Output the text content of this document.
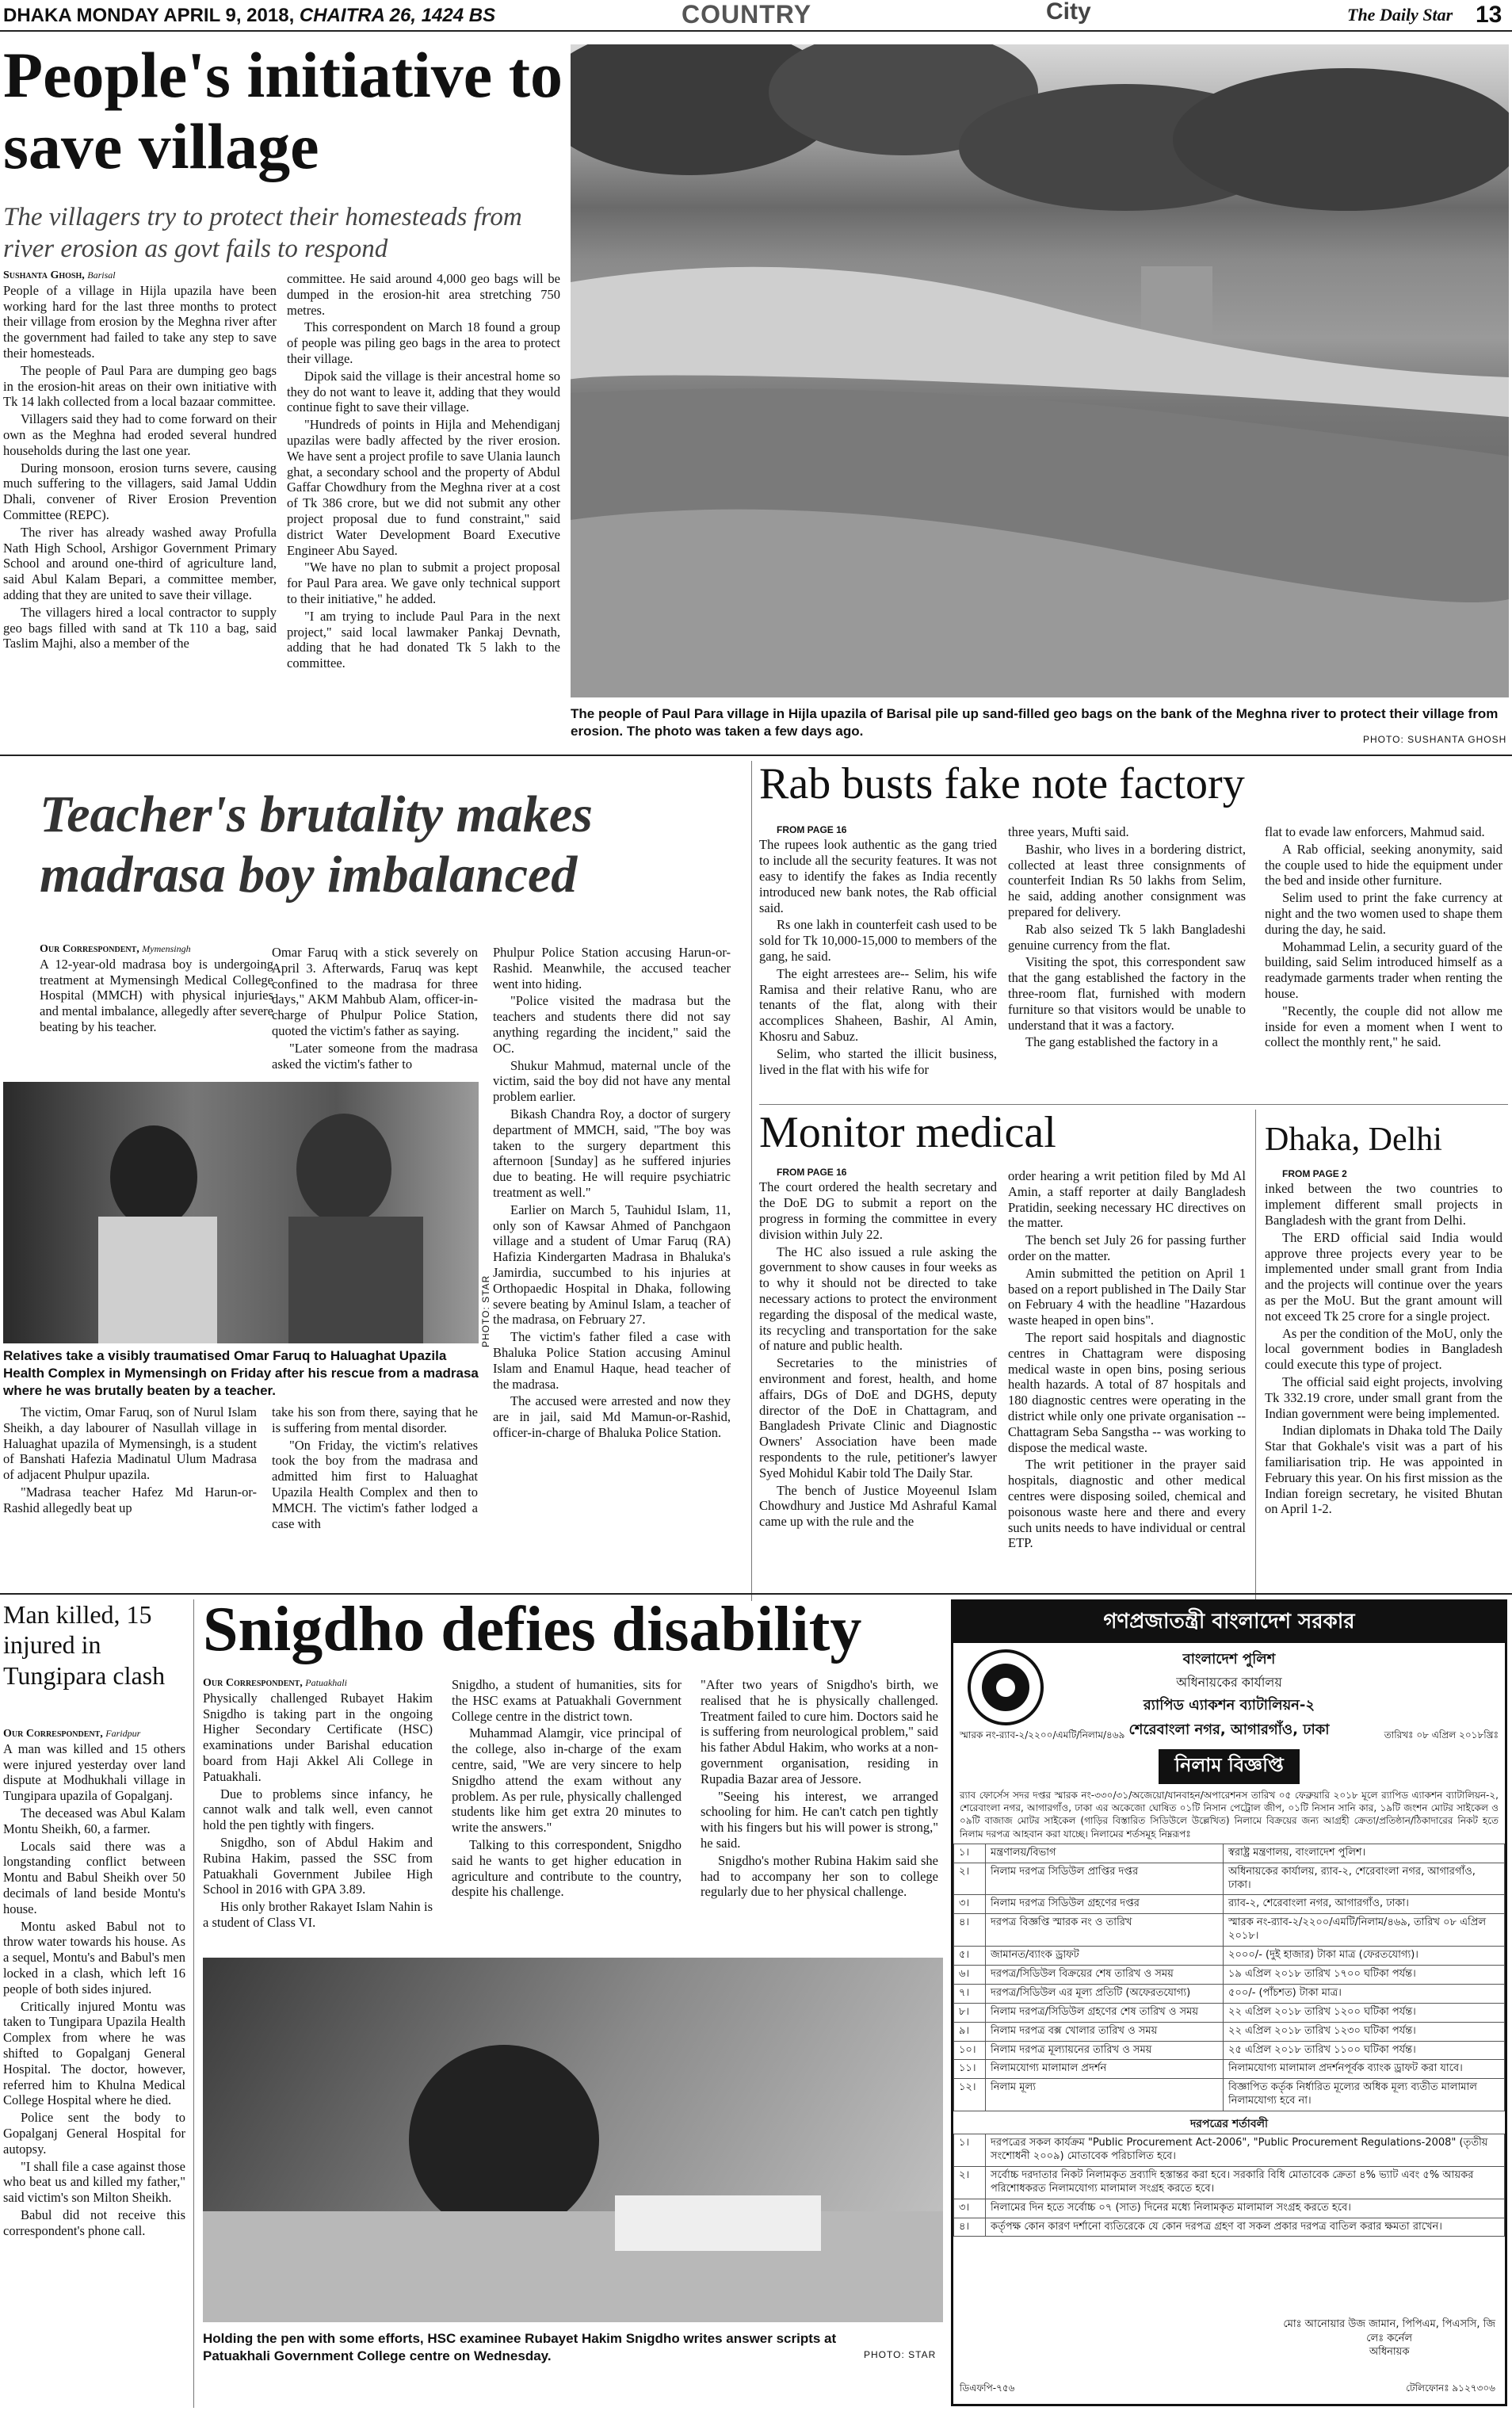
DHAKA MONDAY APRIL 9, 2018, CHAITRA 26, 1424 BS	COUNTRY	City	The Daily Star 13
People's initiative to save village
The villagers try to protect their homesteads from river erosion as govt fails to respond
Sushanta Ghosh, Barisal

People of a village in Hijla upazila have been working hard for the last three months to protect their village from erosion by the Meghna river after the government had failed to take any step to save their homesteads.

The people of Paul Para are dumping geo bags in the erosion-hit areas on their own initiative with Tk 14 lakh collected from a local bazaar committee.

Villagers said they had to come forward on their own as the Meghna had eroded several hundred households during the last one year.

During monsoon, erosion turns severe, causing much suffering to the villagers, said Jamal Uddin Dhali, convener of River Erosion Prevention Committee (REPC).

The river has already washed away Profulla Nath High School, Arshigor Government Primary School and around one-third of agriculture land, said Abul Kalam Bepari, a committee member, adding that they are united to save their village.

The villagers hired a local contractor to supply geo bags filled with sand at Tk 110 a bag, said Taslim Majhi, also a member of the

committee. He said around 4,000 geo bags will be dumped in the erosion-hit area stretching 750 metres.

This correspondent on March 18 found a group of people was piling geo bags in the area to protect their village.

Dipok said the village is their ancestral home so they do not want to leave it, adding that they would continue fight to save their village.

"Hundreds of points in Hijla and Mehendiganj upazilas were badly affected by the river erosion. We have sent a project profile to save Ulania launch ghat, a secondary school and the property of Abdul Gaffar Chowdhury from the Meghna river at a cost of Tk 386 crore, but we did not submit any other project proposal due to fund constraint," said district Water Development Board Executive Engineer Abu Sayed.

"We have no plan to submit a project proposal for Paul Para area. We gave only technical support to their initiative," he added.

"I am trying to include Paul Para in the next project," said local lawmaker Pankaj Devnath, adding that he had donated Tk 5 lakh to the committee.

The people of Paul Para village in Hijla upazila of Barisal pile up sand-filled geo bags on the bank of the Meghna river to protect their village from erosion. The photo was taken a few days ago.
PHOTO: SUSHANTA GHOSH
Teacher's brutality makes madrasa boy imbalanced
Our Correspondent, Mymensingh

A 12-year-old madrasa boy is undergoing treatment at Mymensingh Medical College Hospital (MMCH) with physical injuries and mental imbalance, allegedly after severe beating by his teacher.

Omar Faruq with a stick severely on April 3. Afterwards, Faruq was kept confined to the madrasa for three days," AKM Mahbub Alam, officer-in-charge of Phulpur Police Station, quoted the victim's father as saying.

"Later someone from the madrasa asked the victim's father to

PHOTO: STAR
Relatives take a visibly traumatised Omar Faruq to Haluaghat Upazila Health Complex in Mymensingh on Friday after his rescue from a madrasa where he was brutally beaten by a teacher.

The victim, Omar Faruq, son of Nurul Islam Sheikh, a day labourer of Nasullah village in Haluaghat upazila of Mymensingh, is a student of Banshati Hafezia Madinatul Ulum Madrasa of adjacent Phulpur upazila.

"Madrasa teacher Hafez Md Harun-or-Rashid allegedly beat up

take his son from there, saying that he is suffering from mental disorder.

"On Friday, the victim's relatives took the boy from the madrasa and admitted him first to Haluaghat Upazila Health Complex and then to MMCH. The victim's father lodged a case with

Phulpur Police Station accusing Harun-or-Rashid. Meanwhile, the accused teacher went into hiding.

"Police visited the madrasa but the teachers and students there did not say anything regarding the incident," said the OC.

Shukur Mahmud, maternal uncle of the victim, said the boy did not have any mental problem earlier.

Bikash Chandra Roy, a doctor of surgery department of MMCH, said, "The boy was taken to the surgery department this afternoon [Sunday] as he suffered injuries due to beating. He will require psychiatric treatment as well."

Earlier on March 5, Tauhidul Islam, 11, only son of Kawsar Ahmed of Panchgaon village and a student of Umar Faruq (RA) Hafizia Kindergarten Madrasa in Bhaluka's Jamirdia, succumbed to his injuries at Orthopaedic Hospital in Dhaka, following severe beating by Aminul Islam, a teacher of the madrasa, on February 27.

The victim's father filed a case with Bhaluka Police Station accusing Aminul Islam and Enamul Haque, head teacher of the madrasa.

The accused were arrested and now they are in jail, said Md Mamun-or-Rashid, officer-in-charge of Bhaluka Police Station.

Rab busts fake note factory

FROM PAGE 16

The rupees look authentic as the gang tried to include all the security features. It was not easy to identify the fakes as India recently introduced new bank notes, the Rab official said.

Rs one lakh in counterfeit cash used to be sold for Tk 10,000-15,000 to members of the gang, he said.

The eight arrestees are-- Selim, his wife Ramisa and their relative Ranu, who are tenants of the flat, along with their accomplices Shaheen, Bashir, Al Amin, Khosru and Sabuz.

Selim, who started the illicit business, lived in the flat with his wife for

three years, Mufti said.

Bashir, who lives in a bordering district, collected at least three consignments of counterfeit Indian Rs 50 lakhs from Selim, he said, adding another consignment was prepared for delivery.

Rab also seized Tk 5 lakh Bangladeshi genuine currency from the flat.

Visiting the spot, this correspondent saw that the gang established the factory in the three-room flat, furnished with modern furniture so that visitors would be unable to understand that it was a factory.

The gang established the factory in a

flat to evade law enforcers, Mahmud said.

A Rab official, seeking anonymity, said the couple used to hide the equipment under the bed and inside other furniture.

Selim used to print the fake currency at night and the two women used to shape them during the day, he said.

Mohammad Lelin, a security guard of the building, said Selim introduced himself as a readymade garments trader when renting the house.

"Recently, the couple did not allow me inside for even a moment when I went to collect the monthly rent," he said.

Monitor medical

FROM PAGE 16

The court ordered the health secretary and the DoE DG to submit a report on the progress in forming the committee in every division within July 22.

The HC also issued a rule asking the government to show causes in four weeks as to why it should not be directed to take necessary actions to protect the environment regarding the disposal of the medical waste, its recycling and transportation for the sake of nature and public health.

Secretaries to the ministries of environment and forest, health, and home affairs, DGs of DoE and DGHS, deputy director of the DoE in Chattagram, and Bangladesh Private Clinic and Diagnostic Owners' Association have been made respondents to the rule, petitioner's lawyer Syed Mohidul Kabir told The Daily Star.

The bench of Justice Moyeenul Islam Chowdhury and Justice Md Ashraful Kamal came up with the rule and the

order hearing a writ petition filed by Md Al Amin, a staff reporter at daily Bangladesh Pratidin, seeking necessary HC directives on the matter.

The bench set July 26 for passing further order on the matter.

Amin submitted the petition on April 1 based on a report published in The Daily Star on February 4 with the headline "Hazardous waste heaped in open bins".

The report said hospitals and diagnostic centres in Chattagram were disposing medical waste in open bins, posing serious health hazards. A total of 87 hospitals and 180 diagnostic centres were operating in the district while only one private organisation -- Chattagram Seba Sangstha -- was working to dispose the medical waste.

The writ petitioner in the prayer said hospitals, diagnostic and other medical centres were disposing soiled, chemical and poisonous waste here and there and every such units needs to have individual or central ETP.

Dhaka, Delhi

FROM PAGE 2

inked between the two countries to implement different small projects in Bangladesh with the grant from Delhi.

The ERD official said India would approve three projects every year to be implemented under small grant from India and the projects will continue over the years as per the MoU. But the grant amount will not exceed Tk 25 crore for a single project.

As per the condition of the MoU, only the local government bodies in Bangladesh could execute this type of project.

The official said eight projects, involving Tk 332.19 crore, under small grant from the Indian government were being implemented.

Indian diplomats in Dhaka told The Daily Star that Gokhale's visit was a part of his familiarisation trip. He was appointed in February this year. On his first mission as the Indian foreign secretary, he visited Bhutan on April 1-2.

Man killed, 15 injured in Tungipara clash
Our Correspondent, Faridpur

A man was killed and 15 others were injured yesterday over land dispute at Modhukhali village in Tungipara upazila of Gopalganj.

The deceased was Abul Kalam Montu Sheikh, 60, a farmer.

Locals said there was a longstanding conflict between Montu and Babul Sheikh over 50 decimals of land beside Montu's house.

Montu asked Babul not to throw water towards his house. As a sequel, Montu's and Babul's men locked in a clash, which left 16 people of both sides injured.

Critically injured Montu was taken to Tungipara Upazila Health Complex from where he was shifted to Gopalganj General Hospital. The doctor, however, referred him to Khulna Medical College Hospital where he died.

Police sent the body to Gopalganj General Hospital for autopsy.

"I shall file a case against those who beat us and killed my father," said victim's son Milton Sheikh.

Babul did not receive this correspondent's phone call.

Snigdho defies disability
Our Correspondent, Patuakhali

Physically challenged Rubayet Hakim Snigdho is taking part in the ongoing Higher Secondary Certificate (HSC) examinations under Barishal education board from Haji Akkel Ali College in Patuakhali.

Due to problems since infancy, he cannot walk and talk well, even cannot hold the pen tightly with fingers.

Snigdho, son of Abdul Hakim and Rubina Hakim, passed the SSC from Patuakhali Government Jubilee High School in 2016 with GPA 3.89.

His only brother Rakayet Islam Nahin is a student of Class VI.

Snigdho, a student of humanities, sits for the HSC exams at Patuakhali Government College centre in the district town.

Muhammad Alamgir, vice principal of the college, also in-charge of the exam centre, said, "We are very sincere to help Snigdho attend the exam without any problem. As per rule, physically challenged students like him get extra 20 minutes to write the answers."

Talking to this correspondent, Snigdho said he wants to get higher education in agriculture and contribute to the country, despite his challenge.

"After two years of Snigdho's birth, we realised that he is physically challenged. Treatment failed to cure him. Doctors said he is suffering from neurological problem," said his father Abdul Hakim, who works at a non-government organisation, residing in Rupadia Bazar area of Jessore.

"Seeing his interest, we arranged schooling for him. He can't catch pen tightly with his fingers but his will power is strong," he said.

Snigdho's mother Rubina Hakim said she had to accompany her son to college regularly due to her physical challenge.

Holding the pen with some efforts, HSC examinee Rubayet Hakim Snigdho writes answer scripts at Patuakhali Government College centre on Wednesday.	PHOTO: STAR
গণপ্রজাতন্ত্রী বাংলাদেশ সরকার
বাংলাদেশ পুলিশ
অধিনায়কের কার্যালয়
র‍্যাপিড এ্যাকশন ব্যাটালিয়ন-২
শেরেবাংলা নগর, আগারগাঁও, ঢাকা
স্মারক নং-র‍্যাব-২/২২০০/এমটি/নিলাম/৪৬৯	তারিখঃ ০৮ এপ্রিল ২০১৮খ্রিঃ
নিলাম বিজ্ঞপ্তি
র‍্যাব ফোর্সেস সদর দপ্তর স্মারক নং-৩৩০/৩১/অজেয়ো/যানবাহন/অপারেশনস তারিখ ০৫ ফেব্রুয়ারি ২০১৮ মূলে র‍্যাপিড এ্যাকশন ব্যাটালিয়ন-২, শেরেবাংলা নগর, আগারগাঁও, ঢাকা এর অকেজো ঘোষিত ০১টি নিসান পেট্রোল জীপ, ০১টি নিসান সানি কার, ১৯টি জংশন মোটর সাইকেল ও ০৯টি বাজাজ মোটর সাইকেল (গাড়ির বিস্তারিত সিডিউলে উল্লেখিত) নিলামে বিক্রয়ের জন্য আগ্রহী ক্রেতা/প্রতিষ্ঠান/ঠিকাদারের নিকট হতে নিলাম দরপত্র আহবান করা যাচ্ছে। নিলামের শর্তসমূহ নিম্নরূপঃ
১।	মন্ত্রণালয়/বিভাগ	স্বরাষ্ট্র মন্ত্রণালয়, বাংলাদেশ পুলিশ।
২।	নিলাম দরপত্র সিডিউল প্রাপ্তির দপ্তর	অধিনায়কের কার্যালয়, র‍্যাব-২, শেরেবাংলা নগর, আগারগাঁও, ঢাকা।
৩।	নিলাম দরপত্র সিডিউল গ্রহণের দপ্তর	র‍্যাব-২, শেরেবাংলা নগর, আগারগাঁও, ঢাকা।
৪।	দরপত্র বিজ্ঞপ্তি স্মারক নং ও তারিখ	স্মারক নং-র‍্যাব-২/২২০০/এমটি/নিলাম/৪৬৯, তারিখ ০৮ এপ্রিল ২০১৮।
৫।	জামানত/ব্যাংক ড্রাফট	২০০০/- (দুই হাজার) টাকা মাত্র (ফেরতযোগ্য)।
৬।	দরপত্র/সিডিউল বিক্রয়ের শেষ তারিখ ও সময়	১৯ এপ্রিল ২০১৮ তারিখ ১৭০০ ঘটিকা পর্যন্ত।
৭।	দরপত্র/সিডিউল এর মূল্য প্রতিটি (অফেরতযোগ্য)	৫০০/- (পাঁচশত) টাকা মাত্র।
৮।	নিলাম দরপত্র/সিডিউল গ্রহণের শেষ তারিখ ও সময়	২২ এপ্রিল ২০১৮ তারিখ ১২০০ ঘটিকা পর্যন্ত।
৯।	নিলাম দরপত্র বক্স খোলার তারিখ ও সময়	২২ এপ্রিল ২০১৮ তারিখ ১২৩০ ঘটিকা পর্যন্ত।
১০।	নিলাম দরপত্র মূল্যায়নের তারিখ ও সময়	২৫ এপ্রিল ২০১৮ তারিখ ১১০০ ঘটিকা পর্যন্ত।
১১।	নিলামযোগ্য মালামাল প্রদর্শন	নিলামযোগ্য মালামাল প্রদর্শনপূর্বক ব্যাংক ড্রাফট করা যাবে।
১২।	নিলাম মূল্য	বিজ্ঞাপিত কর্তৃক নির্ধারিত মূল্যের অধিক মূল্য ব্যতীত মালামাল নিলামযোগ্য হবে না।
দরপত্রের শর্তাবলী
১।	দরপত্রের সকল কার্যক্রম "Public Procurement Act-2006", "Public Procurement Regulations-2008" (তৃতীয় সংশোধনী ২০০৯) মোতাবেক পরিচালিত হবে।
২।	সর্বোচ্চ দরদাতার নিকট নিলামকৃত দ্রব্যাদি হস্তান্তর করা হবে। সরকারি বিধি মোতাবেক ক্রেতা ৪% ভ্যাট এবং ৫% আয়কর পরিশোধকরত নিলামযোগ্য মালামাল সংগ্রহ করতে হবে।
৩।	নিলামের দিন হতে সর্বোচ্চ ০৭ (সাত) দিনের মধ্যে নিলামকৃত মালামাল সংগ্রহ করতে হবে।
৪।	কর্তৃপক্ষ কোন কারণ দর্শানো ব্যতিরেকে যে কোন দরপত্র গ্রহণ বা সকল প্রকার দরপত্র বাতিল করার ক্ষমতা রাখেন।
মোঃ আনোয়ার উজ জামান, পিপিএম, পিএসসি, জি
লেঃ কর্নেল
অধিনায়ক
ডিএফপি-৭৫৬	টেলিফোনঃ ৯১২৭৩০৬
